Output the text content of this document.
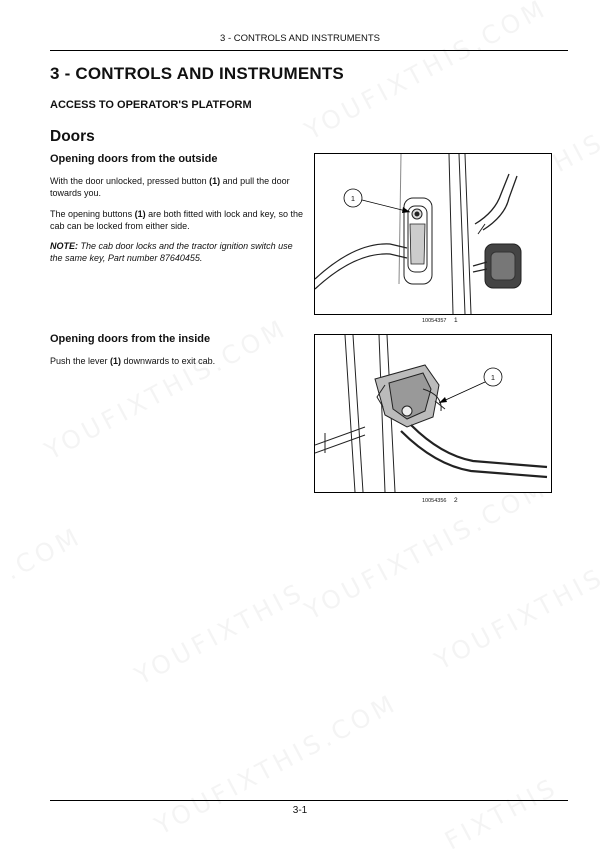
3 - CONTROLS AND INSTRUMENTS
3 - CONTROLS AND INSTRUMENTS
ACCESS TO OPERATOR'S PLATFORM
Doors
Opening doors from the outside
With the door unlocked, pressed button (1) and pull the door towards you.
The opening buttons (1) are both fitted with lock and key, so the cab can be locked from either side.
NOTE: The cab door locks and the tractor ignition switch use the same key, Part number 87640455.
1
10054357 1
Opening doors from the inside
Push the lever (1) downwards to exit cab.
1
10054356 2
3-1
